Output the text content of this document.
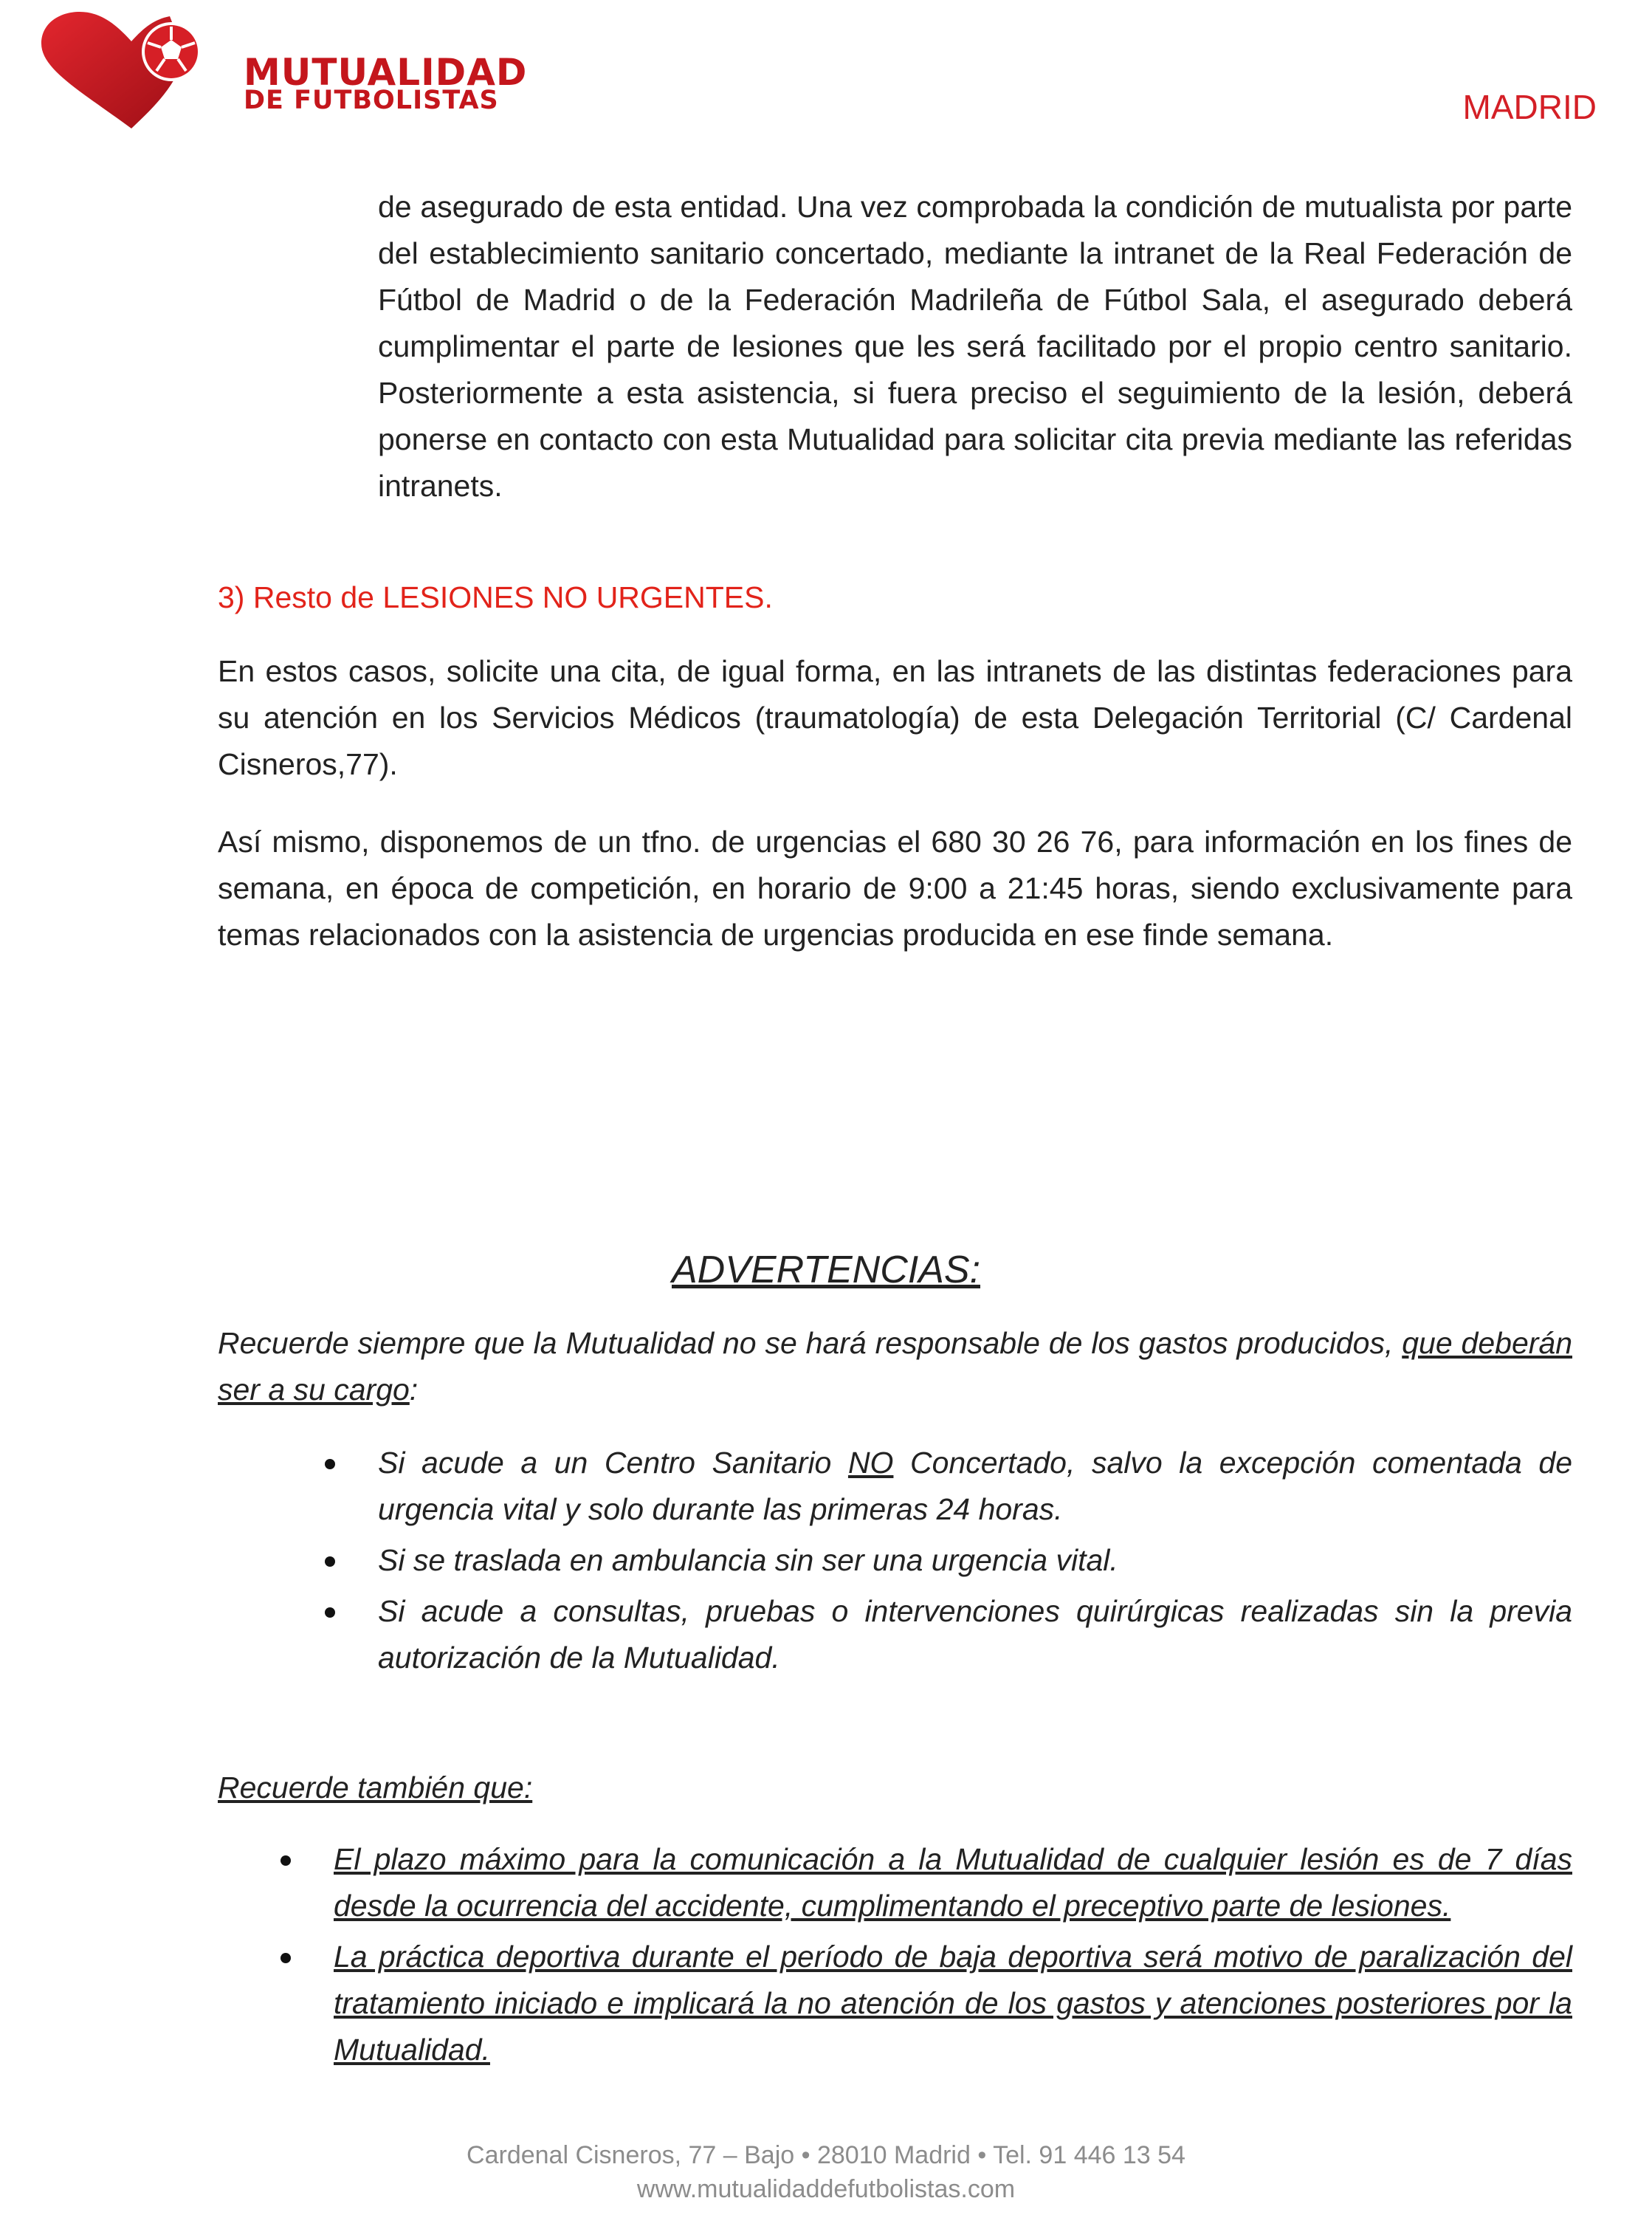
MUTUALIDAD
DE FUTBOLISTAS	MADRID
de asegurado de esta entidad. Una vez comprobada la condición de mutualista por parte del establecimiento sanitario concertado, mediante la intranet de la Real Federación de Fútbol de Madrid o de la Federación Madrileña de Fútbol Sala, el asegurado deberá cumplimentar el parte de lesiones que les será facilitado por el propio centro sanitario. Posteriormente a esta asistencia, si fuera preciso el seguimiento de la lesión, deberá ponerse en contacto con esta Mutualidad para solicitar cita previa mediante las referidas intranets.
3) Resto de LESIONES NO URGENTES.
En estos casos, solicite una cita, de igual forma, en las intranets de las distintas federaciones para su atención en los Servicios Médicos (traumatología) de esta Delegación Territorial (C/ Cardenal Cisneros,77).
Así mismo, disponemos de un tfno. de urgencias el 680 30 26 76, para información en los fines de semana, en época de competición, en horario de 9:00 a 21:45 horas, siendo exclusivamente para temas relacionados con la asistencia de urgencias producida en ese finde semana.
ADVERTENCIAS:
Recuerde siempre que la Mutualidad no se hará responsable de los gastos producidos, que deberán ser a su cargo:
Si acude a un Centro Sanitario NO Concertado, salvo la excepción comentada de urgencia vital y solo durante las primeras 24 horas.
Si se traslada en ambulancia sin ser una urgencia vital.
Si acude a consultas, pruebas o intervenciones quirúrgicas realizadas sin la previa autorización de la Mutualidad.
Recuerde también que:
El plazo máximo para la comunicación a la Mutualidad de cualquier lesión es de 7 días desde la ocurrencia del accidente, cumplimentando el preceptivo parte de lesiones.
La práctica deportiva durante el período de baja deportiva será motivo de paralización del tratamiento iniciado e implicará la no atención de los gastos y atenciones posteriores por la Mutualidad.
Cardenal Cisneros, 77 – Bajo • 28010 Madrid • Tel. 91 446 13 54
www.mutualidaddefutbolistas.com
